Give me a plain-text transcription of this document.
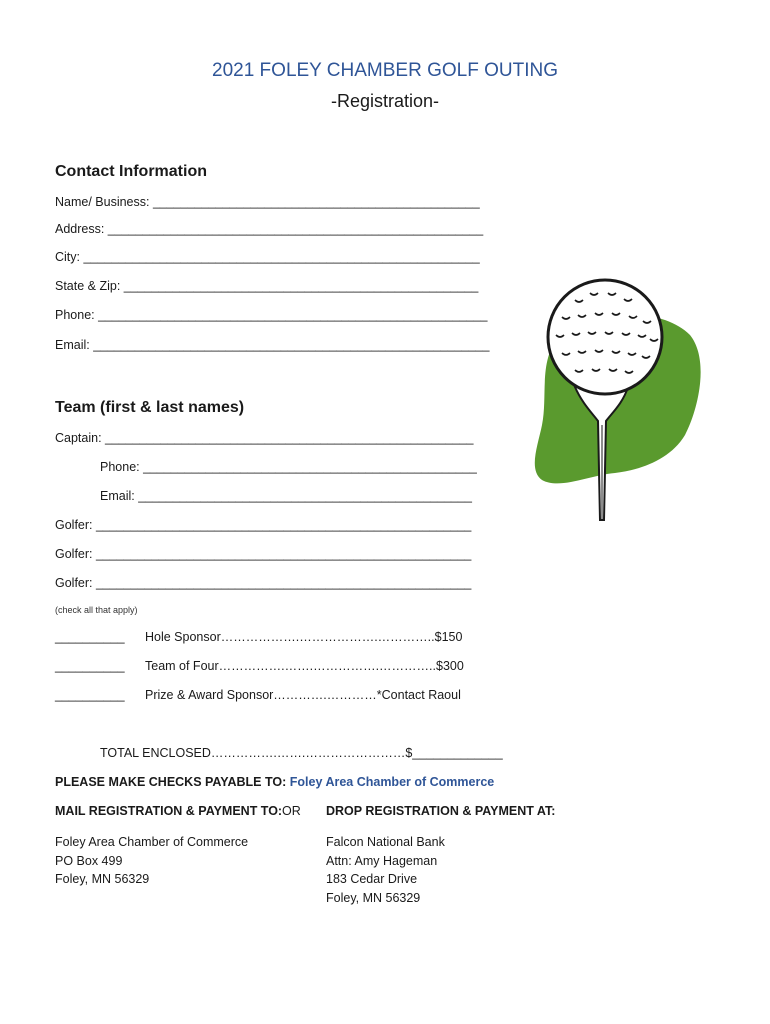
2021 FOLEY CHAMBER GOLF OUTING
-Registration-
Contact Information
Name/ Business: _______________________________________________
Address: ______________________________________________________
City: _________________________________________________________
State & Zip: ___________________________________________________
Phone: ________________________________________________________
Email: _________________________________________________________
Team (first & last names)
Captain: _____________________________________________________
Phone: ________________________________________________
Email: ________________________________________________
Golfer: ______________________________________________________
Golfer: ______________________________________________________
Golfer: ______________________________________________________
(check all that apply)
__________ Hole Sponsor……………….……………….…………..$150
__________ Team of Four…………….…….…………….…………..$300
__________ Prize & Award Sponsor………….…………*Contact Raoul
TOTAL ENCLOSED…………….…….……………………$_____________
PLEASE MAKE CHECKS PAYABLE TO: Foley Area Chamber of Commerce
MAIL REGISTRATION & PAYMENT TO: OR DROP REGISTRATION & PAYMENT AT:
Foley Area Chamber of Commerce
PO Box 499
Foley, MN 56329
Falcon National Bank
Attn: Amy Hageman
183 Cedar Drive
Foley, MN 56329
